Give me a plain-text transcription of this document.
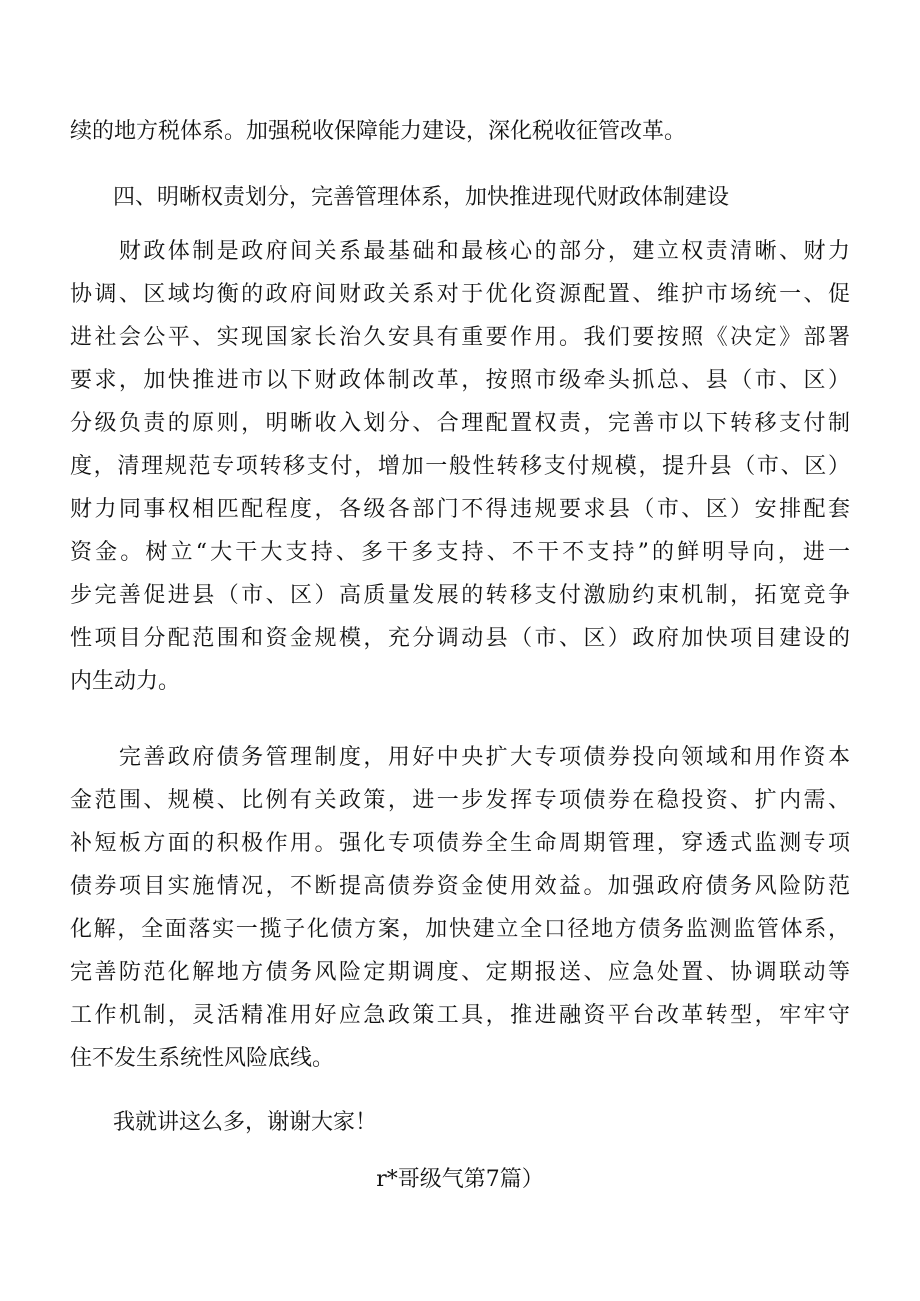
续的地方税体系。加强税收保障能力建设，深化税收征管改革。
四、明晰权责划分，完善管理体系，加快推进现代财政体制建设
　　财政体制是政府间关系最基础和最核心的部分，建立权责清晰、财力
协调、区域均衡的政府间财政关系对于优化资源配置、维护市场统一、促
进社会公平、实现国家长治久安具有重要作用。我们要按照《决定》部署
要求，加快推进市以下财政体制改革，按照市级牵头抓总、县（市、区）
分级负责的原则，明晰收入划分、合理配置权责，完善市以下转移支付制
度，清理规范专项转移支付，增加一般性转移支付规模，提升县（市、区）
财力同事权相匹配程度，各级各部门不得违规要求县（市、区）安排配套
资金。树立“大干大支持、多干多支持、不干不支持”的鲜明导向，进一
步完善促进县（市、区）高质量发展的转移支付激励约束机制，拓宽竞争
性项目分配范围和资金规模，充分调动县（市、区）政府加快项目建设的
内生动力。
　　完善政府债务管理制度，用好中央扩大专项债券投向领域和用作资本
金范围、规模、比例有关政策，进一步发挥专项债券在稳投资、扩内需、
补短板方面的积极作用。强化专项债券全生命周期管理，穿透式监测专项
债券项目实施情况，不断提高债券资金使用效益。加强政府债务风险防范
化解，全面落实一揽子化债方案，加快建立全口径地方债务监测监管体系，
完善防范化解地方债务风险定期调度、定期报送、应急处置、协调联动等
工作机制，灵活精准用好应急政策工具，推进融资平台改革转型，牢牢守
住不发生系统性风险底线。
我就讲这么多，谢谢大家！
r*哥级气第7篇）
